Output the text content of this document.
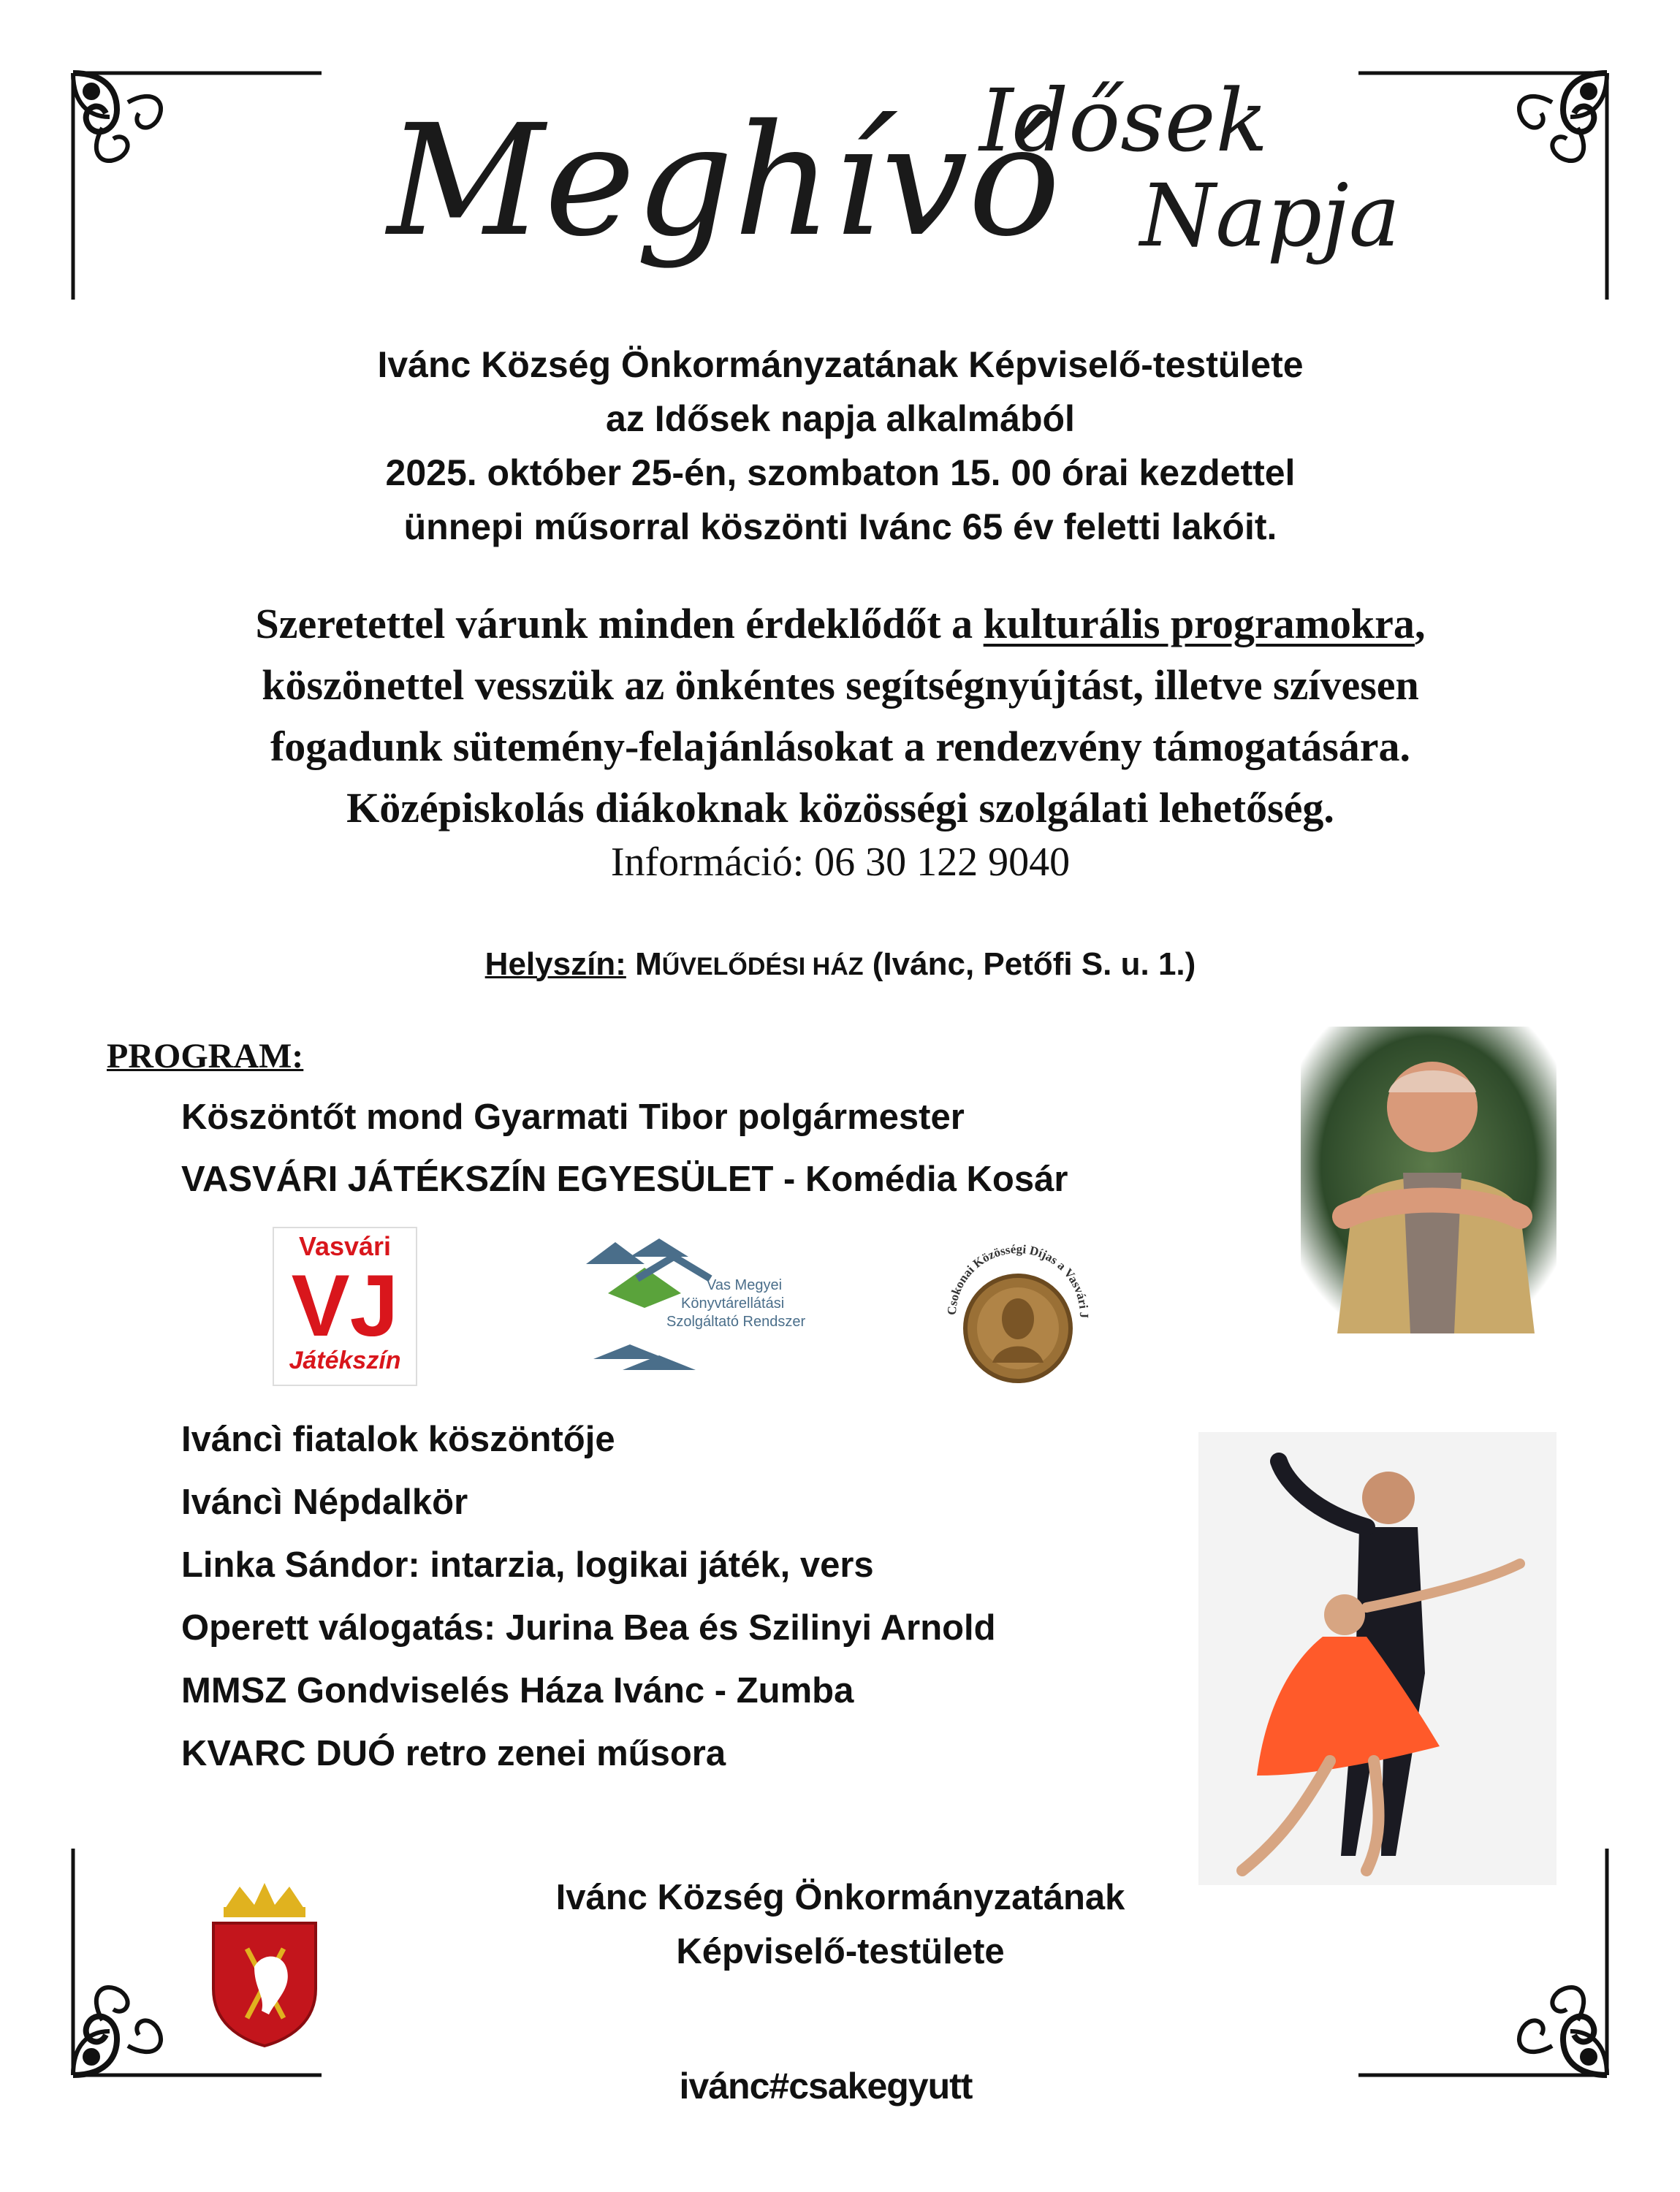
Meghívó
Idősek
Napja
Ivánc Község Önkormányzatának Képviselő-testülete
az Idősek napja alkalmából
2025. október 25-én, szombaton 15. 00 órai kezdettel
ünnepi műsorral köszönti Ivánc 65 év feletti lakóit.
Szeretettel várunk minden érdeklődőt a kulturális programokra,
köszönettel vesszük az önkéntes segítségnyújtást, illetve szívesen
fogadunk sütemény-felajánlásokat a rendezvény támogatására.
Középiskolás diákoknak közösségi szolgálati lehetőség.
Információ: 06 30 122 9040
Helyszín: MŰVELŐDÉSI HÁZ (Ivánc, Petőfi S. u. 1.)
PROGRAM:
Köszöntőt mond Gyarmati Tibor polgármester
VASVÁRI JÁTÉKSZÍN EGYESÜLET - Komédia Kosár
Vasvári
VJ
Játékszín
Vas Megyei
Könyvtárellátási
Szolgáltató Rendszer
Csokonai Közösségi Díjas a Vasvári J
Iváncì fiatalok köszöntője
Iváncì Népdalkör
Linka Sándor: intarzia, logikai játék, vers
Operett válogatás: Jurina Bea és Szilinyi Arnold
MMSZ Gondviselés Háza Ivánc - Zumba
KVARC DUÓ retro zenei műsora
Ivánc Község Önkormányzatának
Képviselő-testülete
ivánc#csakegyutt
